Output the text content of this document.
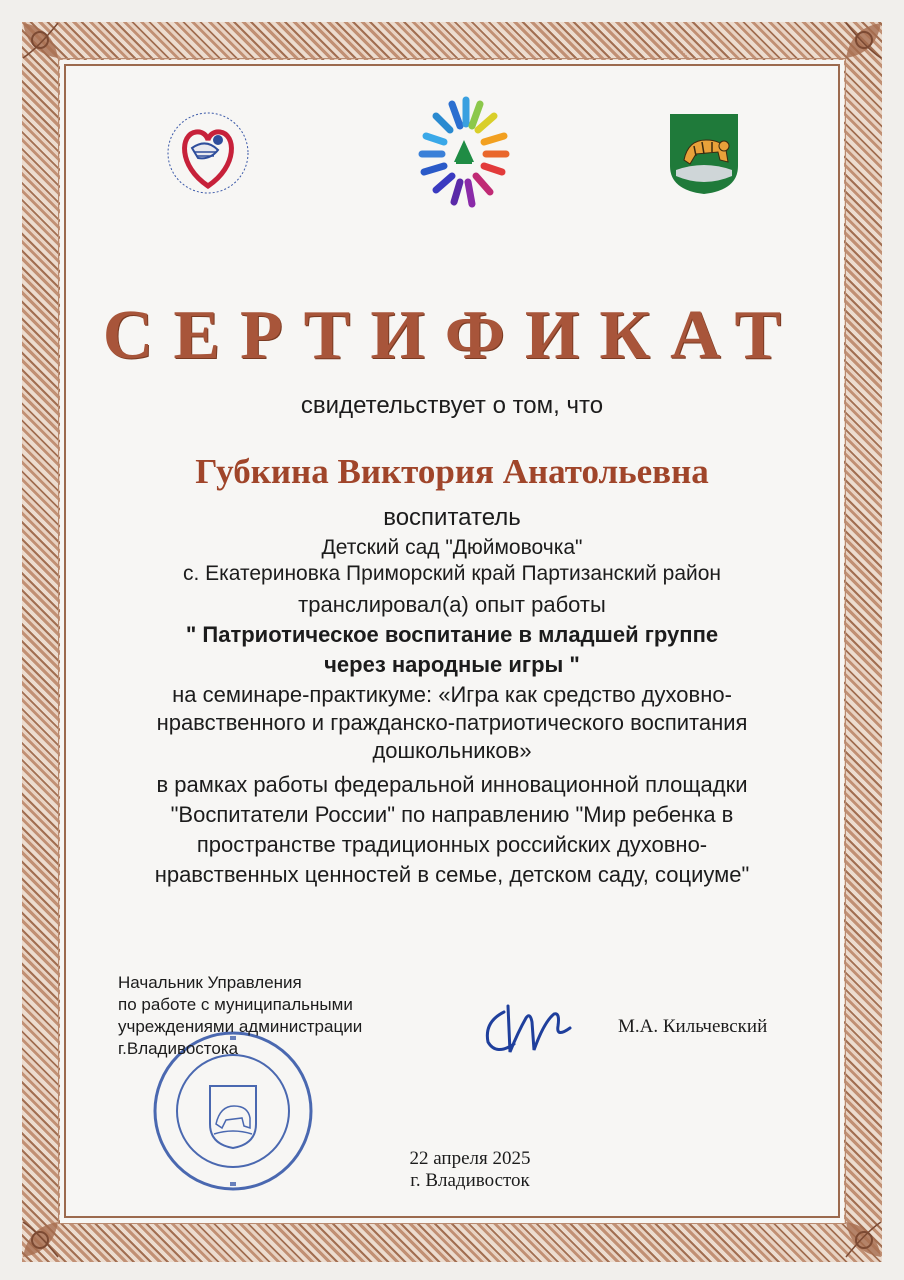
СЕРТИФИКАТ
свидетельствует о том, что
Губкина Виктория Анатольевна
воспитатель
Детский сад "Дюймовочка"
с. Екатериновка Приморский край Партизанский район
транслировал(а) опыт работы
" Патриотическое воспитание в младшей группе
через народные игры "
на семинаре-практикуме: «Игра как средство духовно-
нравственного и гражданско-патриотического воспитания
дошкольников»
в рамках работы федеральной инновационной площадки
"Воспитатели России" по направлению "Мир ребенка в
пространстве традиционных российских духовно-
нравственных ценностей в семье, детском саду, социуме"
Начальник Управления
по работе с муниципальными
учреждениями администрации
г.Владивостока
М.А. Кильчевский
22 апреля 2025
г. Владивосток
